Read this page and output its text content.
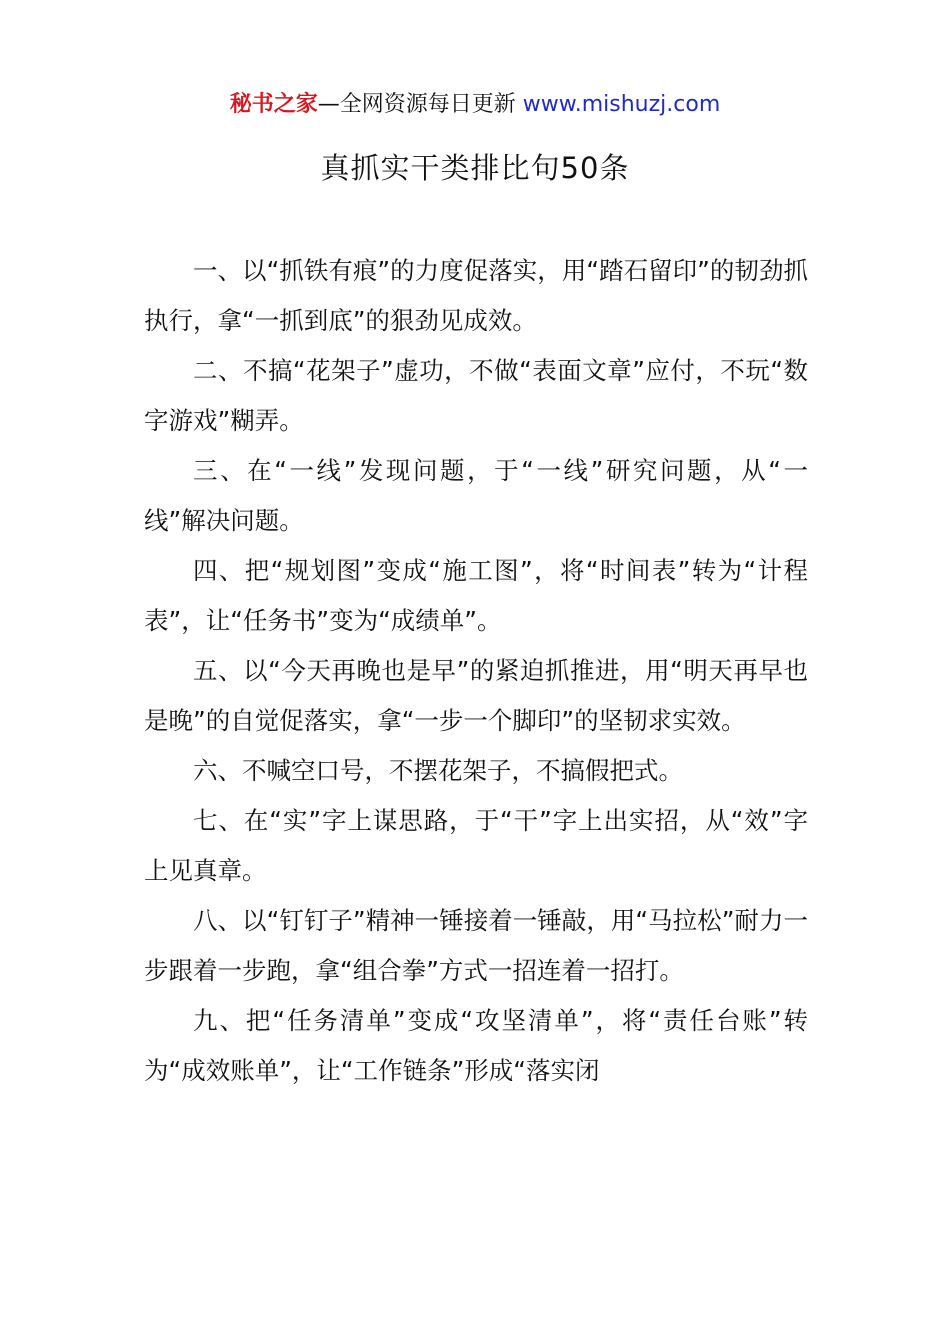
秘书之家—全网资源每日更新 www.mishuzj.com
真抓实干类排比句50条

一、以“抓铁有痕”的力度促落实，用“踏石留印”的韧劲抓执行，拿“一抓到底”的狠劲见成效。

二、不搞“花架子”虚功，不做“表面文章”应付，不玩“数字游戏”糊弄。

三、在“一线”发现问题，于“一线”研究问题，从“一线”解决问题。

四、把“规划图”变成“施工图”，将“时间表”转为“计程表”，让“任务书”变为“成绩单”。

五、以“今天再晚也是早”的紧迫抓推进，用“明天再早也是晚”的自觉促落实，拿“一步一个脚印”的坚韧求实效。

六、不喊空口号，不摆花架子，不搞假把式。

七、在“实”字上谋思路，于“干”字上出实招，从“效”字上见真章。

八、以“钉钉子”精神一锤接着一锤敲，用“马拉松”耐力一步跟着一步跑，拿“组合拳”方式一招连着一招打。

九、把“任务清单”变成“攻坚清单”，将“责任台账”转为“成效账单”，让“工作链条”形成“落实闭
